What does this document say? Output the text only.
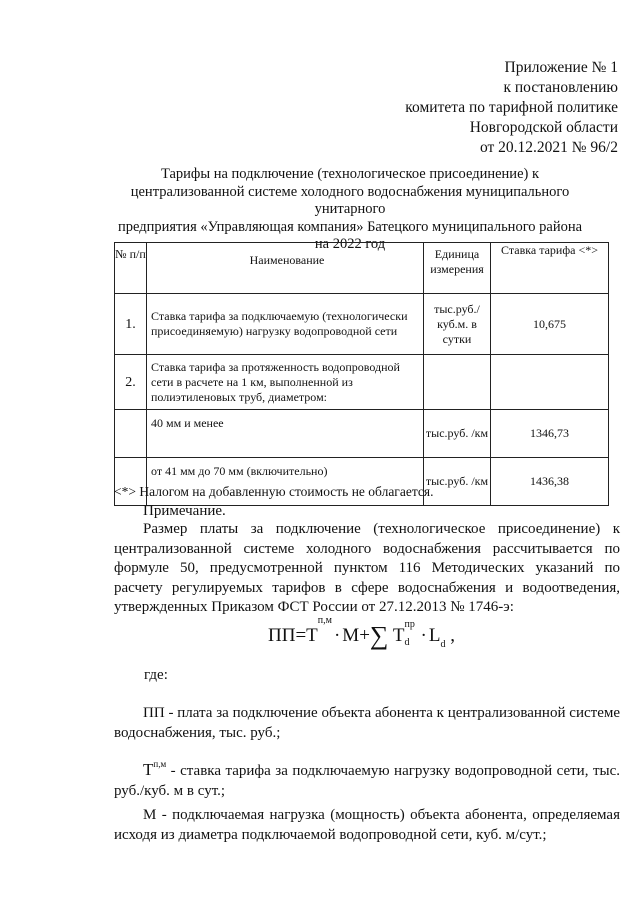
Приложение № 1
к постановлению
комитета по тарифной политике
Новгородской области
от 20.12.2021 № 96/2
Тарифы на подключение (технологическое присоединение) к
централизованной системе холодного водоснабжения муниципального унитарного
предприятия «Управляющая компания» Батецкого муниципального района
на 2022 год
№ п/п	Наименование	Единица измерения	Ставка тарифа <*>
1.	Ставка тарифа за подключаемую (технологически присоединяемую) нагрузку водопроводной сети	тыс.руб./ куб.м. в сутки	10,675
2.	Ставка тарифа за протяженность водопроводной сети в расчете на 1 км, выполненной из полиэтиленовых труб, диаметром:		
	40 мм и менее	тыс.руб. /км	1346,73
	от 41 мм до 70 мм (включительно)	тыс.руб. /км	1436,38
<*> Налогом на добавленную стоимость не облагается.
Примечание.
Размер платы за подключение (технологическое присоединение) к централизованной системе холодного водоснабжения рассчитывается по формуле 50, предусмотренной пунктом 116 Методических указаний по расчету регулируемых тарифов в сфере водоснабжения и водоотведения, утвержденных Приказом ФСТ России от 27.12.2013 № 1746-э:
$ПП=T^{п,м}\cdot M+\sum$ T
пр
$d \cdot L_d$ ,
где:
ПП - плата за подключение объекта абонента к централизованной системе водоснабжения, тыс. руб.;
$T^{п,м}$ - ставка тарифа за подключаемую нагрузку водопроводной сети, тыс. руб./куб. м в сут.;
M - подключаемая нагрузка (мощность) объекта абонента, определяемая исходя из диаметра подключаемой водопроводной сети, куб. м/сут.;
